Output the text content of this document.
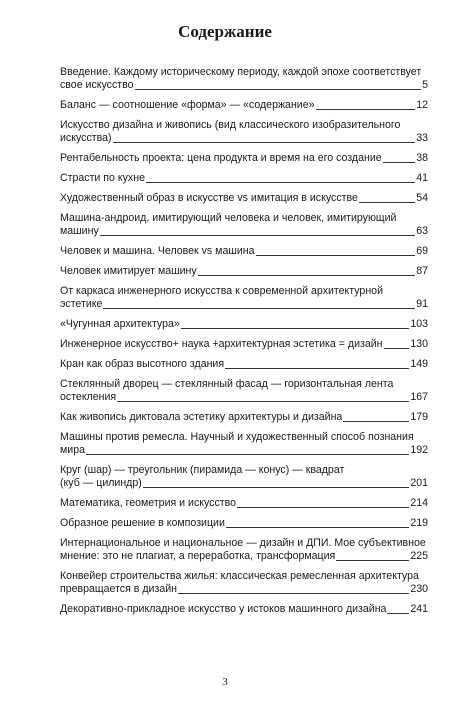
Содержание
Введение. Каждому историческому периоду, каждой эпохе соответствует
свое искусство	5
Баланс — соотношение «форма» — «содержание»	12
Искусство дизайна и живопись (вид классического изобразительного
искусства)	33
Рентабельность проекта: цена продукта и время на его создание	38
Страсти по кухне	41
Художественный образ в искусстве vs имитация в искусстве	54
Машина-андроид, имитирующий человека и человек, имитирующий
машину	63
Человек и машина. Человек vs машина	69
Человек имитирует машину	87
От каркаса инженерного искусства к современной архитектурной
эстетике	91
«Чугунная архитектура»	103
Инженерное искусство+ наука +архитектурная эстетика = дизайн	130
Кран как образ высотного здания	149
Стеклянный дворец — стеклянный фасад — горизонтальная лента
остекления	167
Как живопись диктовала эстетику архитектуры и дизайна	179
Машины против ремесла. Научный и художественный способ познания
мира	192
Круг (шар) — треугольник (пирамида — конус) — квадрат
(куб — цилиндр)	201
Математика, геометрия и искусство	214
Образное решение в композиции	219
Интернациональное и национальное — дизайн и ДПИ. Мое субъективное
мнение: это не плагиат, а переработка, трансформация	225
Конвейер строительства жилья: классическая ремесленная архитектура
превращается в дизайн	230
Декоративно-прикладное искусство у истоков машинного дизайна 241
3
